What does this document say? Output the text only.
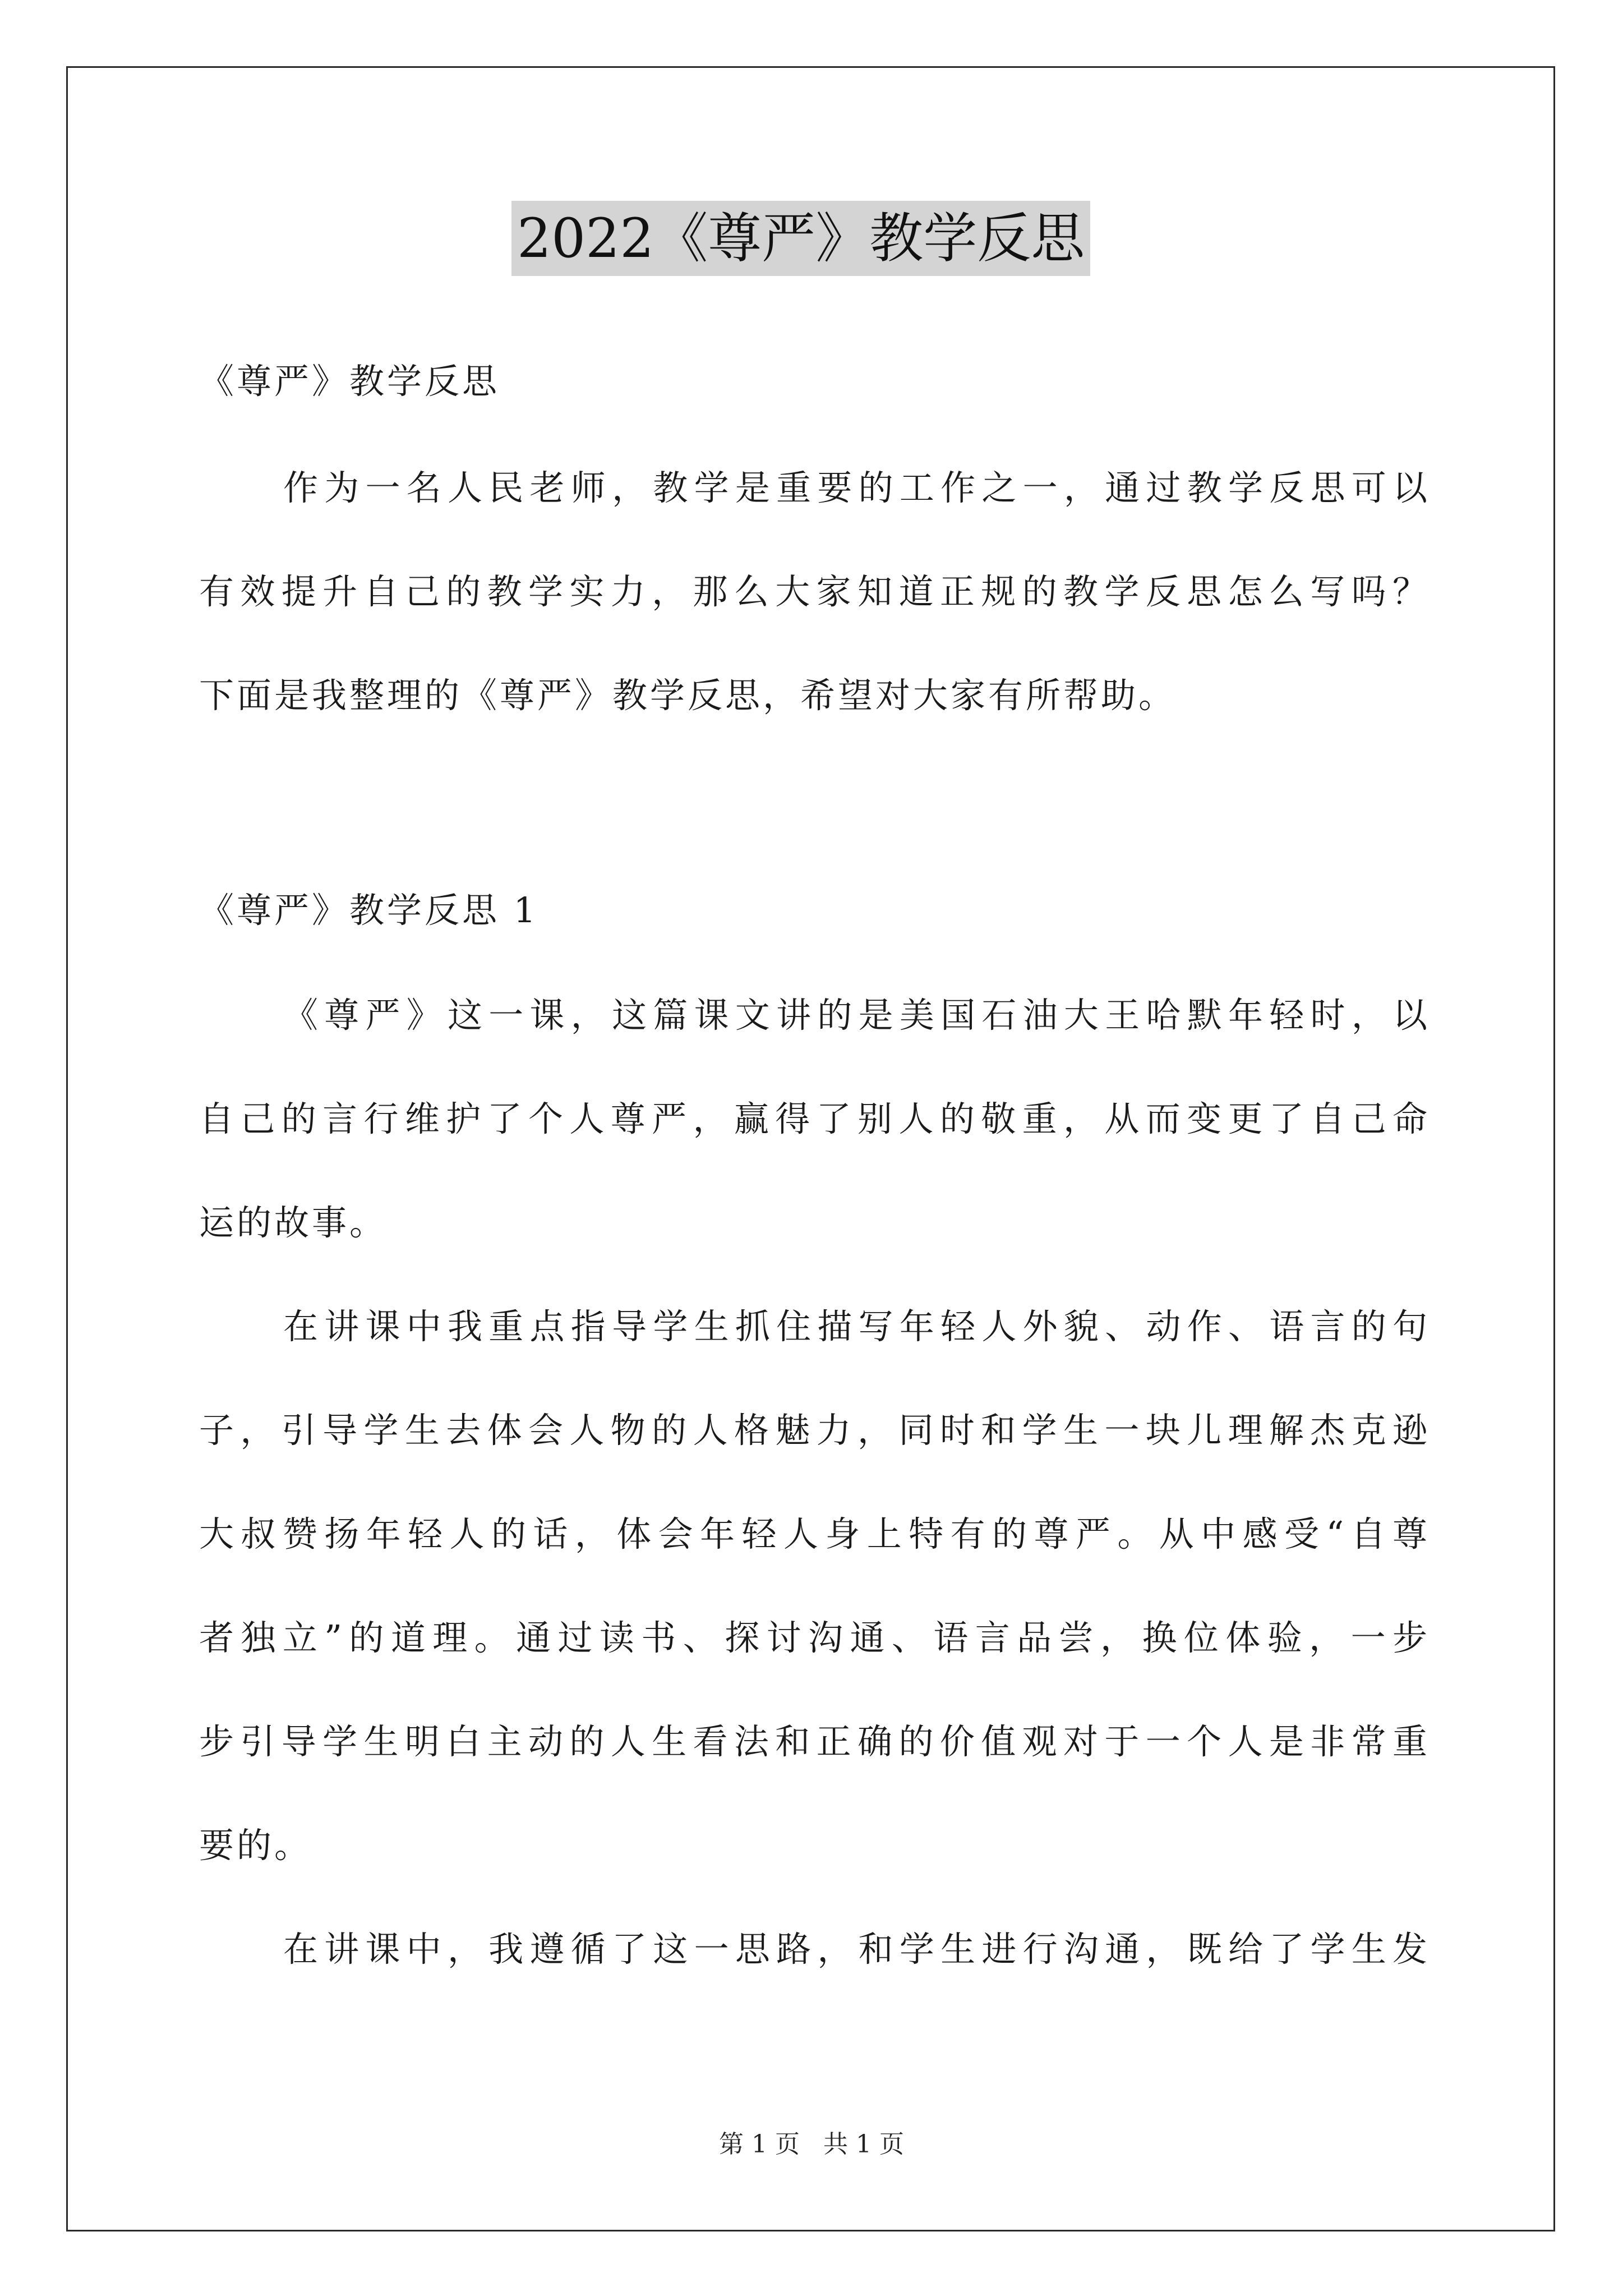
2022《尊严》教学反思

《尊严》教学反思

作为一名人民老师，教学是重要的工作之一，通过教学反思可以

有效提升自己的教学实力，那么大家知道正规的教学反思怎么写吗？

下面是我整理的《尊严》教学反思，希望对大家有所帮助。

《尊严》教学反思 1

《尊严》这一课，这篇课文讲的是美国石油大王哈默年轻时，以

自己的言行维护了个人尊严，赢得了别人的敬重，从而变更了自己命

运的故事。

在讲课中我重点指导学生抓住描写年轻人外貌、动作、语言的句

子，引导学生去体会人物的人格魅力，同时和学生一块儿理解杰克逊

大叔赞扬年轻人的话，体会年轻人身上特有的尊严。从中感受“自尊

者独立”的道理。通过读书、探讨沟通、语言品尝，换位体验，一步

步引导学生明白主动的人生看法和正确的价值观对于一个人是非常重

要的。

在讲课中，我遵循了这一思路，和学生进行沟通，既给了学生发

第 1 页   共 1 页
